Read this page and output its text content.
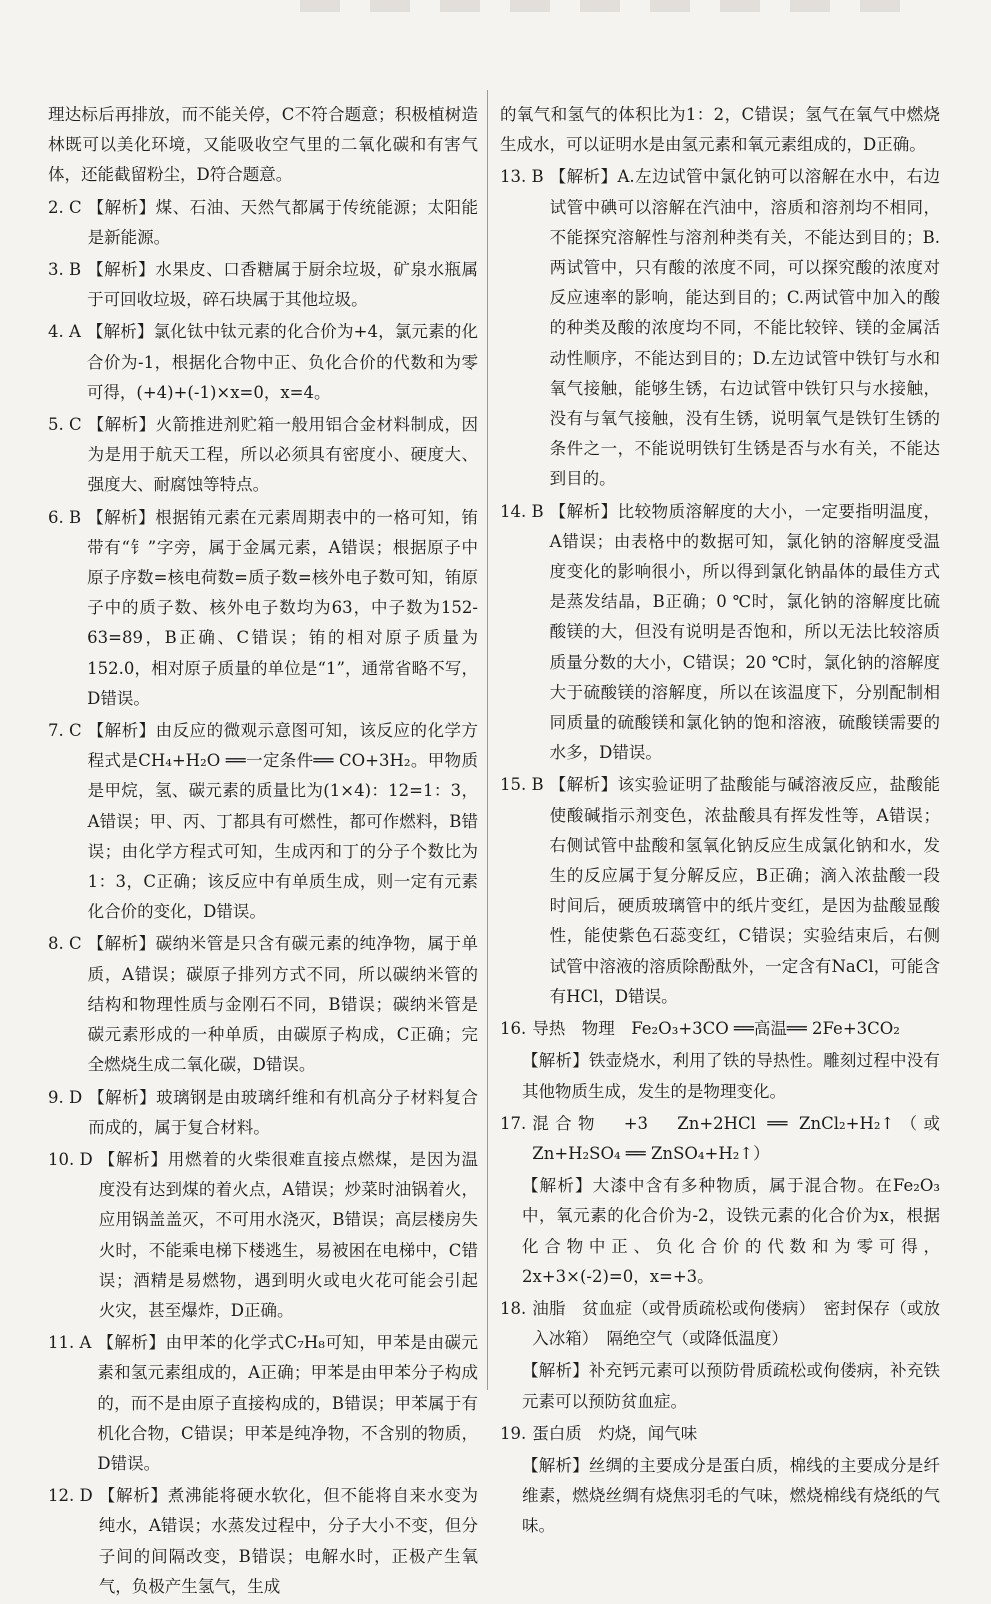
理达标后再排放，而不能关停，C不符合题意；积极植树造林既可以美化环境，又能吸收空气里的二氧化碳和有害气体，还能截留粉尘，D符合题意。
2. C 【解析】煤、石油、天然气都属于传统能源；太阳能是新能源。
3. B 【解析】水果皮、口香糖属于厨余垃圾，矿泉水瓶属于可回收垃圾，碎石块属于其他垃圾。
4. A 【解析】氯化钛中钛元素的化合价为+4，氯元素的化合价为-1，根据化合物中正、负化合价的代数和为零可得，(+4)+(-1)×x=0，x=4。
5. C 【解析】火箭推进剂贮箱一般用铝合金材料制成，因为是用于航天工程，所以必须具有密度小、硬度大、强度大、耐腐蚀等特点。
6. B 【解析】根据铕元素在元素周期表中的一格可知，铕带有“钅”字旁，属于金属元素，A错误；根据原子中原子序数=核电荷数=质子数=核外电子数可知，铕原子中的质子数、核外电子数均为63，中子数为152-63=89，B正确、C错误；铕的相对原子质量为152.0，相对原子质量的单位是“1”，通常省略不写，D错误。
7. C 【解析】由反应的微观示意图可知，该反应的化学方程式是CH₄+H₂O ══一定条件══ CO+3H₂。甲物质是甲烷，氢、碳元素的质量比为(1×4)：12=1：3，A错误；甲、丙、丁都具有可燃性，都可作燃料，B错误；由化学方程式可知，生成丙和丁的分子个数比为1：3，C正确；该反应中有单质生成，则一定有元素化合价的变化，D错误。
8. C 【解析】碳纳米管是只含有碳元素的纯净物，属于单质，A错误；碳原子排列方式不同，所以碳纳米管的结构和物理性质与金刚石不同，B错误；碳纳米管是碳元素形成的一种单质，由碳原子构成，C正确；完全燃烧生成二氧化碳，D错误。
9. D 【解析】玻璃钢是由玻璃纤维和有机高分子材料复合而成的，属于复合材料。
10. D 【解析】用燃着的火柴很难直接点燃煤，是因为温度没有达到煤的着火点，A错误；炒菜时油锅着火，应用锅盖盖灭，不可用水浇灭，B错误；高层楼房失火时，不能乘电梯下楼逃生，易被困在电梯中，C错误；酒精是易燃物，遇到明火或电火花可能会引起火灾，甚至爆炸，D正确。
11. A 【解析】由甲苯的化学式C₇H₈可知，甲苯是由碳元素和氢元素组成的，A正确；甲苯是由甲苯分子构成的，而不是由原子直接构成的，B错误；甲苯属于有机化合物，C错误；甲苯是纯净物，不含别的物质，D错误。
12. D 【解析】煮沸能将硬水软化，但不能将自来水变为纯水，A错误；水蒸发过程中，分子大小不变，但分子间的间隔改变，B错误；电解水时，正极产生氧气，负极产生氢气，生成
的氧气和氢气的体积比为1：2，C错误；氢气在氧气中燃烧生成水，可以证明水是由氢元素和氧元素组成的，D正确。
13. B 【解析】A.左边试管中氯化钠可以溶解在水中，右边试管中碘可以溶解在汽油中，溶质和溶剂均不相同，不能探究溶解性与溶剂种类有关，不能达到目的；B.两试管中，只有酸的浓度不同，可以探究酸的浓度对反应速率的影响，能达到目的；C.两试管中加入的酸的种类及酸的浓度均不同，不能比较锌、镁的金属活动性顺序，不能达到目的；D.左边试管中铁钉与水和氧气接触，能够生锈，右边试管中铁钉只与水接触，没有与氧气接触，没有生锈，说明氧气是铁钉生锈的条件之一，不能说明铁钉生锈是否与水有关，不能达到目的。
14. B 【解析】比较物质溶解度的大小，一定要指明温度，A错误；由表格中的数据可知，氯化钠的溶解度受温度变化的影响很小，所以得到氯化钠晶体的最佳方式是蒸发结晶，B正确；0 ℃时，氯化钠的溶解度比硫酸镁的大，但没有说明是否饱和，所以无法比较溶质质量分数的大小，C错误；20 ℃时，氯化钠的溶解度大于硫酸镁的溶解度，所以在该温度下，分别配制相同质量的硫酸镁和氯化钠的饱和溶液，硫酸镁需要的水多，D错误。
15. B 【解析】该实验证明了盐酸能与碱溶液反应，盐酸能使酸碱指示剂变色，浓盐酸具有挥发性等，A错误；右侧试管中盐酸和氢氧化钠反应生成氯化钠和水，发生的反应属于复分解反应，B正确；滴入浓盐酸一段时间后，硬质玻璃管中的纸片变红，是因为盐酸显酸性，能使紫色石蕊变红，C错误；实验结束后，右侧试管中溶液的溶质除酚酞外，一定含有NaCl，可能含有HCl，D错误。
16. 导热　物理　Fe₂O₃+3CO ══高温══ 2Fe+3CO₂
【解析】铁壶烧水，利用了铁的导热性。雕刻过程中没有其他物质生成，发生的是物理变化。
17. 混合物　+3　Zn+2HCl ══ ZnCl₂+H₂↑（或Zn+H₂SO₄ ══ ZnSO₄+H₂↑）
【解析】大漆中含有多种物质，属于混合物。在Fe₂O₃中，氧元素的化合价为-2，设铁元素的化合价为x，根据化合物中正、负化合价的代数和为零可得，2x+3×(-2)=0，x=+3。
18. 油脂　贫血症（或骨质疏松或佝偻病）　密封保存（或放入冰箱）　隔绝空气（或降低温度）
【解析】补充钙元素可以预防骨质疏松或佝偻病，补充铁元素可以预防贫血症。
19. 蛋白质　灼烧，闻气味
【解析】丝绸的主要成分是蛋白质，棉线的主要成分是纤维素，燃烧丝绸有烧焦羽毛的气味，燃烧棉线有烧纸的气味。
